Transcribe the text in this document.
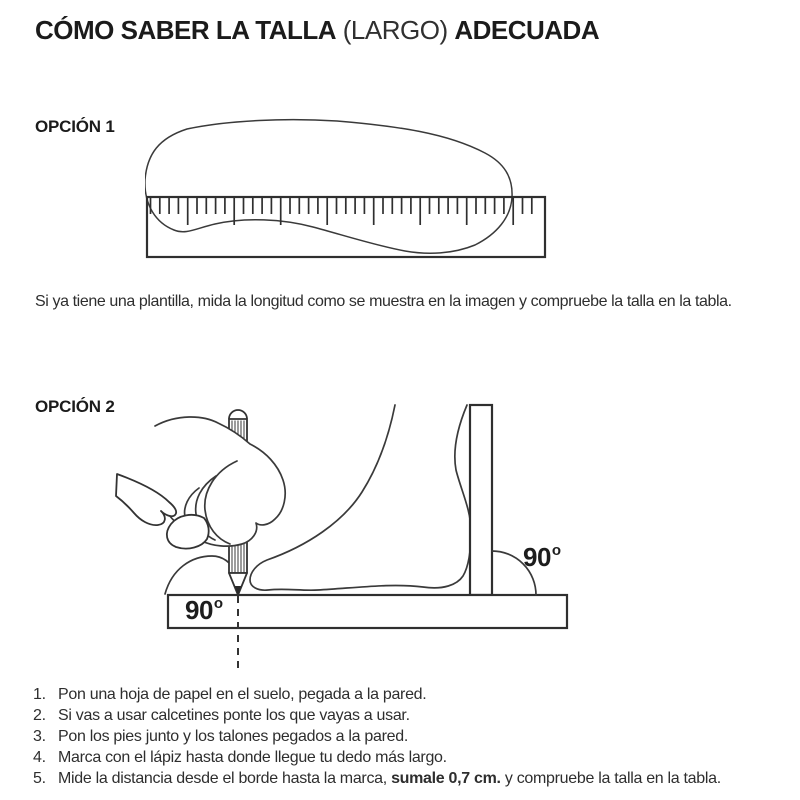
CÓMO SABER LA TALLA (LARGO) ADECUADA
OPCIÓN 1

Si ya tiene una plantilla, mida la longitud como se muestra en la imagen y compruebe la talla en la tabla.

OPCIÓN 2
90$^o$
90$^o$
1. Pon una hoja de papel en el suelo, pegada a la pared.
2. Si vas a usar calcetines ponte los que vayas a usar.
3. Pon los pies junto y los talones pegados a la pared.
4. Marca con el lápiz hasta donde llegue tu dedo más largo.
5. Mide la distancia desde el borde hasta la marca, sumale 0,7 cm. y compruebe la talla en la tabla.
